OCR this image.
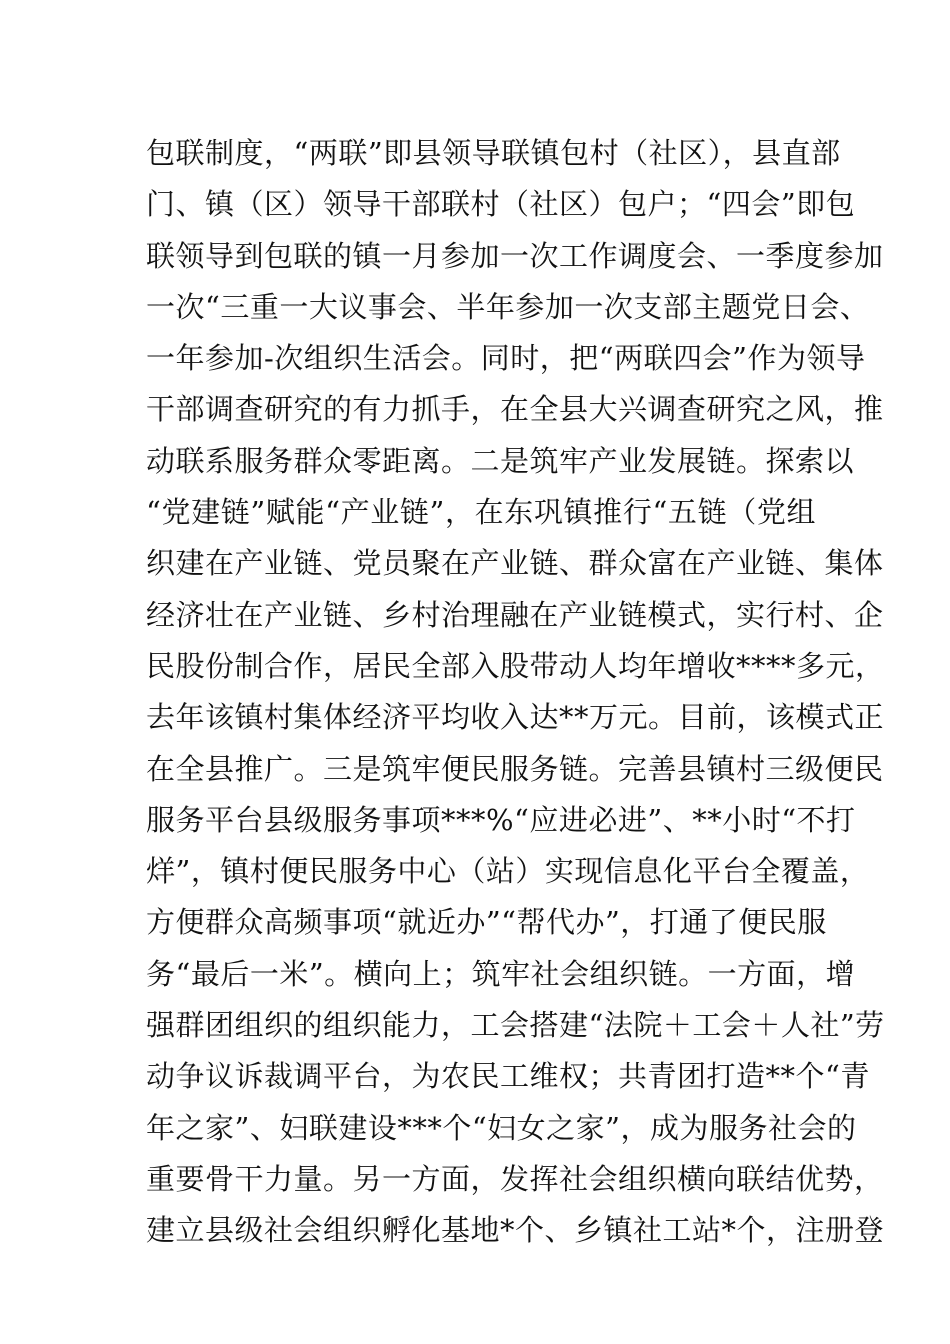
包联制度，“两联”即县领导联镇包村（社区），县直部
门、镇（区）领导干部联村（社区）包户；“四会”即包
联领导到包联的镇一月参加一次工作调度会、一季度参加
一次“三重一大议事会、半年参加一次支部主题党日会、
一年参加-次组织生活会。同时，把“两联四会”作为领导
干部调查研究的有力抓手，在全县大兴调查研究之风，推
动联系服务群众零距离。二是筑牢产业发展链。探索以
“党建链”赋能“产业链”，在东巩镇推行“五链（党组
织建在产业链、党员聚在产业链、群众富在产业链、集体
经济壮在产业链、乡村治理融在产业链模式，实行村、企
民股份制合作，居民全部入股带动人均年增收****多元，
去年该镇村集体经济平均收入达**万元。目前，该模式正
在全县推广。三是筑牢便民服务链。完善县镇村三级便民
服务平台县级服务事项***%“应进必进”、**小时“不打
烊”，镇村便民服务中心（站）实现信息化平台全覆盖，
方便群众高频事项“就近办”“帮代办”，打通了便民服
务“最后一米”。横向上；筑牢社会组织链。一方面，增
强群团组织的组织能力，工会搭建“法院＋工会＋人社”劳
动争议诉裁调平台，为农民工维权；共青团打造**个“青
年之家”、妇联建设***个“妇女之家”，成为服务社会的
重要骨干力量。另一方面，发挥社会组织横向联结优势，
建立县级社会组织孵化基地*个、乡镇社工站*个，注册登
